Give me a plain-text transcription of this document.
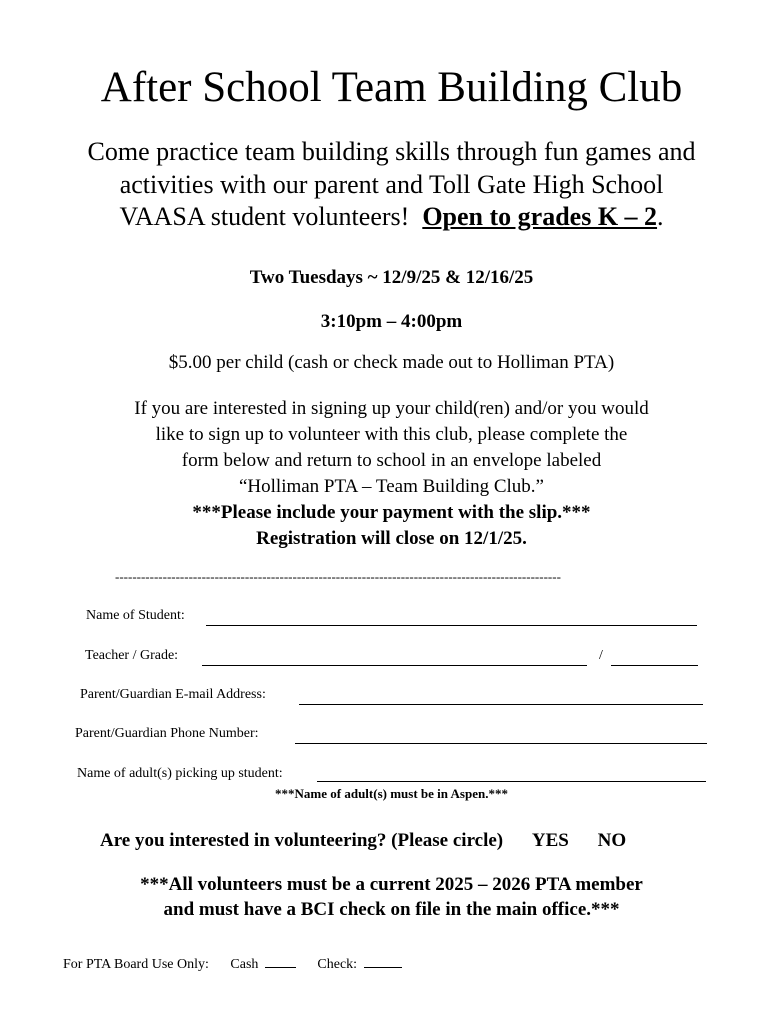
After School Team Building Club
Come practice team building skills through fun games and
activities with our parent and Toll Gate High School
VAASA student volunteers! Open to grades K – 2.
Two Tuesdays ~ 12/9/25 & 12/16/25
3:10pm – 4:00pm
$5.00 per child (cash or check made out to Holliman PTA)
If you are interested in signing up your child(ren) and/or you would
like to sign up to volunteer with this club, please complete the
form below and return to school in an envelope labeled
“Holliman PTA – Team Building Club.”
***Please include your payment with the slip.***
Registration will close on 12/1/25.
-------------------------------------------------------------------------------------------------------
Name of Student:
Teacher / Grade:	/
Parent/Guardian E-mail Address:
Parent/Guardian Phone Number:
Name of adult(s) picking up student:
***Name of adult(s) must be in Aspen.***
Are you interested in volunteering? (Please circle) YES NO
***All volunteers must be a current 2025 – 2026 PTA member
and must have a BCI check on file in the main office.***
For PTA Board Use Only: Cash	Check:
